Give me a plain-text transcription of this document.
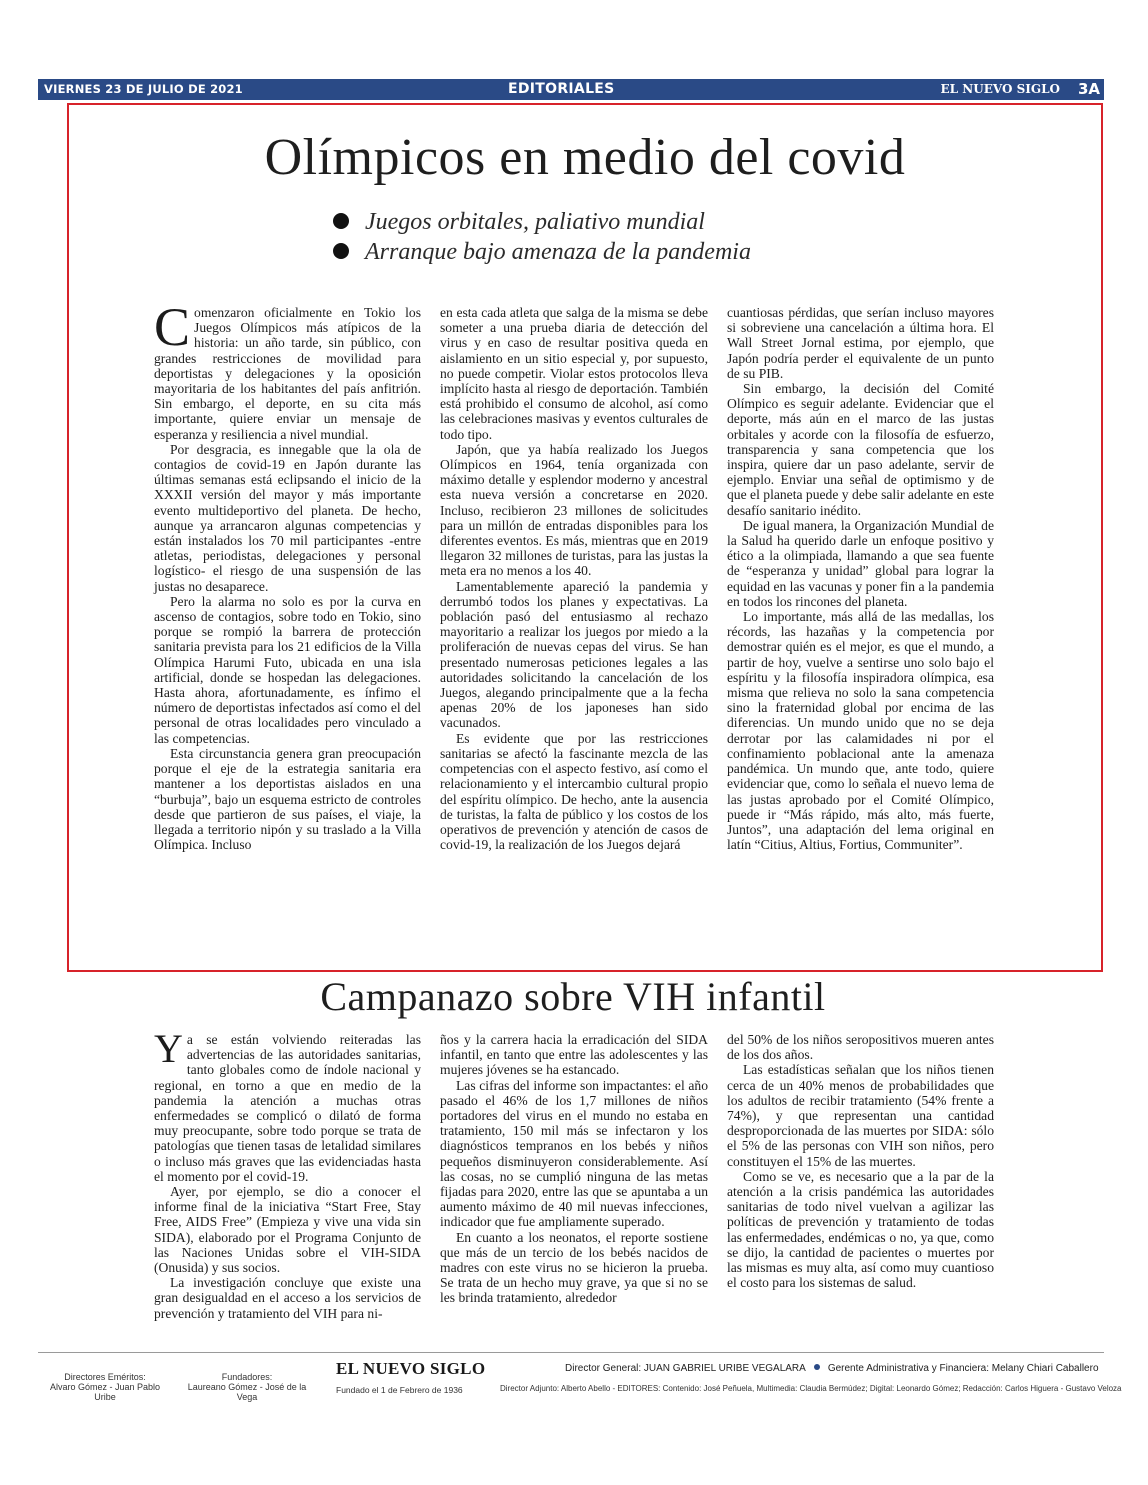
VIERNES 23 DE JULIO DE 2021	EDITORIALES	EL NUEVO SIGLO 3A
Olímpicos en medio del covid
Juegos orbitales, paliativo mundial
Arranque bajo amenaza de la pandemia

Comenzaron oficialmente en Tokio los Juegos Olímpicos más atípicos de la historia: un año tarde, sin público, con grandes restricciones de movilidad para deportistas y delegaciones y la oposición mayoritaria de los habitantes del país anfitrión. Sin embargo, el deporte, en su cita más importante, quiere enviar un mensaje de esperanza y resiliencia a nivel mundial.

Por desgracia, es innegable que la ola de contagios de covid-19 en Japón durante las últimas semanas está eclipsando el inicio de la XXXII versión del mayor y más importante evento multideportivo del planeta. De hecho, aunque ya arrancaron algunas competencias y están instalados los 70 mil participantes -entre atletas, periodistas, delegaciones y personal logístico- el riesgo de una suspensión de las justas no desaparece.

Pero la alarma no solo es por la curva en ascenso de contagios, sobre todo en Tokio, sino porque se rompió la barrera de protección sanitaria prevista para los 21 edificios de la Villa Olímpica Harumi Futo, ubicada en una isla artificial, donde se hospedan las delegaciones. Hasta ahora, afortunadamente, es ínfimo el número de deportistas infectados así como el del personal de otras localidades pero vinculado a las competencias.

Esta circunstancia genera gran preocupación porque el eje de la estrategia sanitaria era mantener a los deportistas aislados en una “burbuja”, bajo un esquema estricto de controles desde que partieron de sus países, el viaje, la llegada a territorio nipón y su traslado a la Villa Olímpica. Incluso

en esta cada atleta que salga de la misma se debe someter a una prueba diaria de detección del virus y en caso de resultar positiva queda en aislamiento en un sitio especial y, por supuesto, no puede competir. Violar estos protocolos lleva implícito hasta al riesgo de deportación. También está prohibido el consumo de alcohol, así como las celebraciones masivas y eventos culturales de todo tipo.

Japón, que ya había realizado los Juegos Olímpicos en 1964, tenía organizada con máximo detalle y esplendor moderno y ancestral esta nueva versión a concretarse en 2020. Incluso, recibieron 23 millones de solicitudes para un millón de entradas disponibles para los diferentes eventos. Es más, mientras que en 2019 llegaron 32 millones de turistas, para las justas la meta era no menos a los 40.

Lamentablemente apareció la pandemia y derrumbó todos los planes y expectativas. La población pasó del entusiasmo al rechazo mayoritario a realizar los juegos por miedo a la proliferación de nuevas cepas del virus. Se han presentado numerosas peticiones legales a las autoridades solicitando la cancelación de los Juegos, alegando principalmente que a la fecha apenas 20% de los japoneses han sido vacunados.

Es evidente que por las restricciones sanitarias se afectó la fascinante mezcla de las competencias con el aspecto festivo, así como el relacionamiento y el intercambio cultural propio del espíritu olímpico. De hecho, ante la ausencia de turistas, la falta de público y los costos de los operativos de prevención y atención de casos de covid-19, la realización de los Juegos dejará

cuantiosas pérdidas, que serían incluso mayores si sobreviene una cancelación a última hora. El Wall Street Jornal estima, por ejemplo, que Japón podría perder el equivalente de un punto de su PIB.

Sin embargo, la decisión del Comité Olímpico es seguir adelante. Evidenciar que el deporte, más aún en el marco de las justas orbitales y acorde con la filosofía de esfuerzo, transparencia y sana competencia que los inspira, quiere dar un paso adelante, servir de ejemplo. Enviar una señal de optimismo y de que el planeta puede y debe salir adelante en este desafío sanitario inédito.

De igual manera, la Organización Mundial de la Salud ha querido darle un enfoque positivo y ético a la olimpiada, llamando a que sea fuente de “esperanza y unidad” global para lograr la equidad en las vacunas y poner fin a la pandemia en todos los rincones del planeta.

Lo importante, más allá de las medallas, los récords, las hazañas y la competencia por demostrar quién es el mejor, es que el mundo, a partir de hoy, vuelve a sentirse uno solo bajo el espíritu y la filosofía inspiradora olímpica, esa misma que relieva no solo la sana competencia sino la fraternidad global por encima de las diferencias. Un mundo unido que no se deja derrotar por las calamidades ni por el confinamiento poblacional ante la amenaza pandémica. Un mundo que, ante todo, quiere evidenciar que, como lo señala el nuevo lema de las justas aprobado por el Comité Olímpico, puede ir “Más rápido, más alto, más fuerte, Juntos”, una adaptación del lema original en latín “Citius, Altius, Fortius, Communiter”.

Campanazo sobre VIH infantil

Ya se están volviendo reiteradas las advertencias de las autoridades sanitarias, tanto globales como de índole nacional y regional, en torno a que en medio de la pandemia la atención a muchas otras enfermedades se complicó o dilató de forma muy preocupante, sobre todo porque se trata de patologías que tienen tasas de letalidad similares o incluso más graves que las evidenciadas hasta el momento por el covid-19.

Ayer, por ejemplo, se dio a conocer el informe final de la iniciativa “Start Free, Stay Free, AIDS Free” (Empieza y vive una vida sin SIDA), elaborado por el Programa Conjunto de las Naciones Unidas sobre el VIH-SIDA (Onusida) y sus socios.

La investigación concluye que existe una gran desigualdad en el acceso a los servicios de prevención y tratamiento del VIH para ni-

ños y la carrera hacia la erradicación del SIDA infantil, en tanto que entre las adolescentes y las mujeres jóvenes se ha estancado.

Las cifras del informe son impactantes: el año pasado el 46% de los 1,7 millones de niños portadores del virus en el mundo no estaba en tratamiento, 150 mil más se infectaron y los diagnósticos tempranos en los bebés y niños pequeños disminuyeron considerablemente. Así las cosas, no se cumplió ninguna de las metas fijadas para 2020, entre las que se apuntaba a un aumento máximo de 40 mil nuevas infecciones, indicador que fue ampliamente superado.

En cuanto a los neonatos, el reporte sostiene que más de un tercio de los bebés nacidos de madres con este virus no se hicieron la prueba. Se trata de un hecho muy grave, ya que si no se les brinda tratamiento, alrededor

del 50% de los niños seropositivos mueren antes de los dos años.

Las estadísticas señalan que los niños tienen cerca de un 40% menos de probabilidades que los adultos de recibir tratamiento (54% frente a 74%), y que representan una cantidad desproporcionada de las muertes por SIDA: sólo el 5% de las personas con VIH son niños, pero constituyen el 15% de las muertes.

Como se ve, es necesario que a la par de la atención a la crisis pandémica las autoridades sanitarias de todo nivel vuelvan a agilizar las políticas de prevención y tratamiento de todas las enfermedades, endémicas o no, ya que, como se dijo, la cantidad de pacientes o muertes por las mismas es muy alta, así como muy cuantioso el costo para los sistemas de salud.

Directores Eméritos:
Alvaro Gómez - Juan Pablo Uribe
Fundadores:
Laureano Gómez - José de la Vega
EL NUEVO SIGLO
Fundado el 1 de Febrero de 1936
Director General: JUAN GABRIEL URIBE VEGALARA Gerente Administrativa y Financiera: Melany Chiari Caballero
Director Adjunto: Alberto Abello - EDITORES: Contenido: José Peñuela, Multimedia: Claudia Bermúdez; Digital: Leonardo Gómez; Redacción: Carlos Higuera - Gustavo Veloza
